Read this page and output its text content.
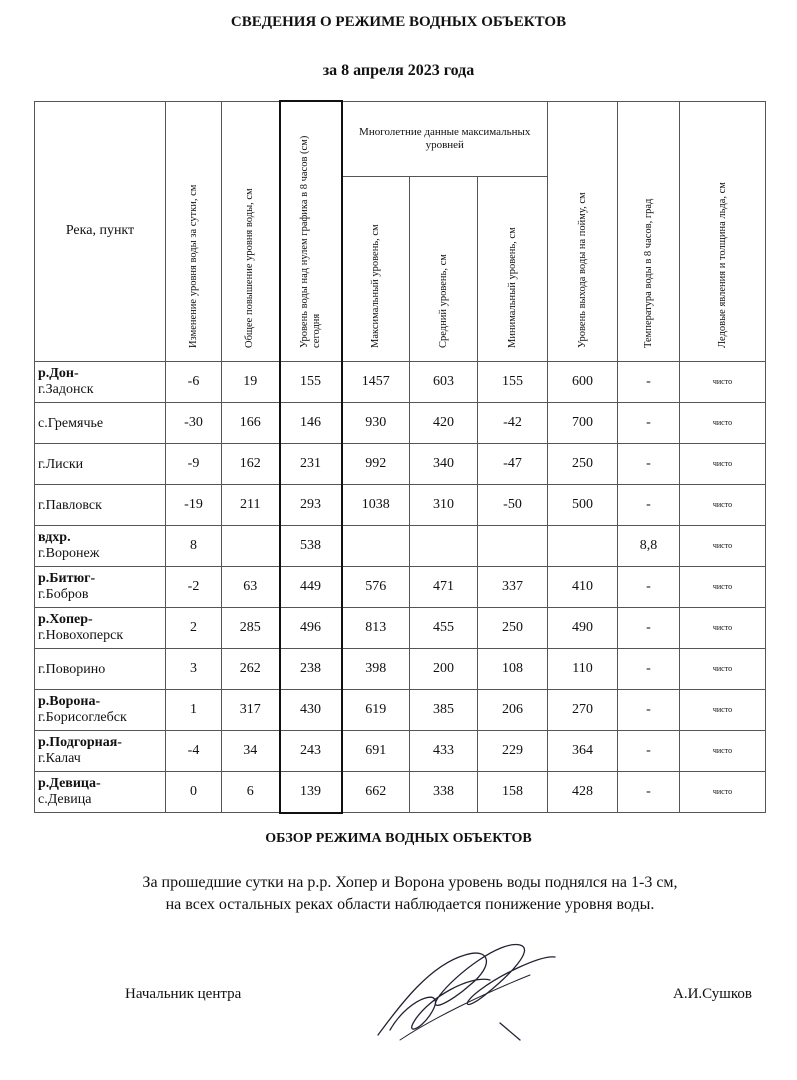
СВЕДЕНИЯ О РЕЖИМЕ ВОДНЫХ ОБЪЕКТОВ
за 8 апреля 2023 года
Река, пункт	Изменение уровня воды за сутки, см	Общее повышение уровня воды, см	Уровень воды над нулем графика в 8 часов (см) сегодня	Многолетние данные максимальных уровней			Уровень выхода воды на пойму, см	Температура воды в 8 часов, град	Ледовые явления и толщина льда, см
				Максимальный уровень, см	Средний уровень, см	Минимальный уровень, см			
р.Дон-
г.Задонск	-6	19	155	1457	603	155	600	-	чисто
с.Гремячье	-30	166	146	930	420	-42	700	-	чисто
г.Лиски	-9	162	231	992	340	-47	250	-	чисто
г.Павловск	-19	211	293	1038	310	-50	500	-	чисто
вдхр.
г.Воронеж	8		538					8,8	чисто
р.Битюг-
г.Бобров	-2	63	449	576	471	337	410	-	чисто
р.Хопер-
г.Новохоперск	2	285	496	813	455	250	490	-	чисто
г.Поворино	3	262	238	398	200	108	110	-	чисто
р.Ворона-
г.Борисоглебск	1	317	430	619	385	206	270	-	чисто
р.Подгорная-
г.Калач	-4	34	243	691	433	229	364	-	чисто
р.Девица-
с.Девица	0	6	139	662	338	158	428	-	чисто
ОБЗОР РЕЖИМА ВОДНЫХ ОБЪЕКТОВ
За прошедшие сутки на р.р. Хопер и Ворона уровень воды поднялся на 1-3 см,
на всех остальных реках области наблюдается понижение уровня воды.
Начальник центра	А.И.Сушков
